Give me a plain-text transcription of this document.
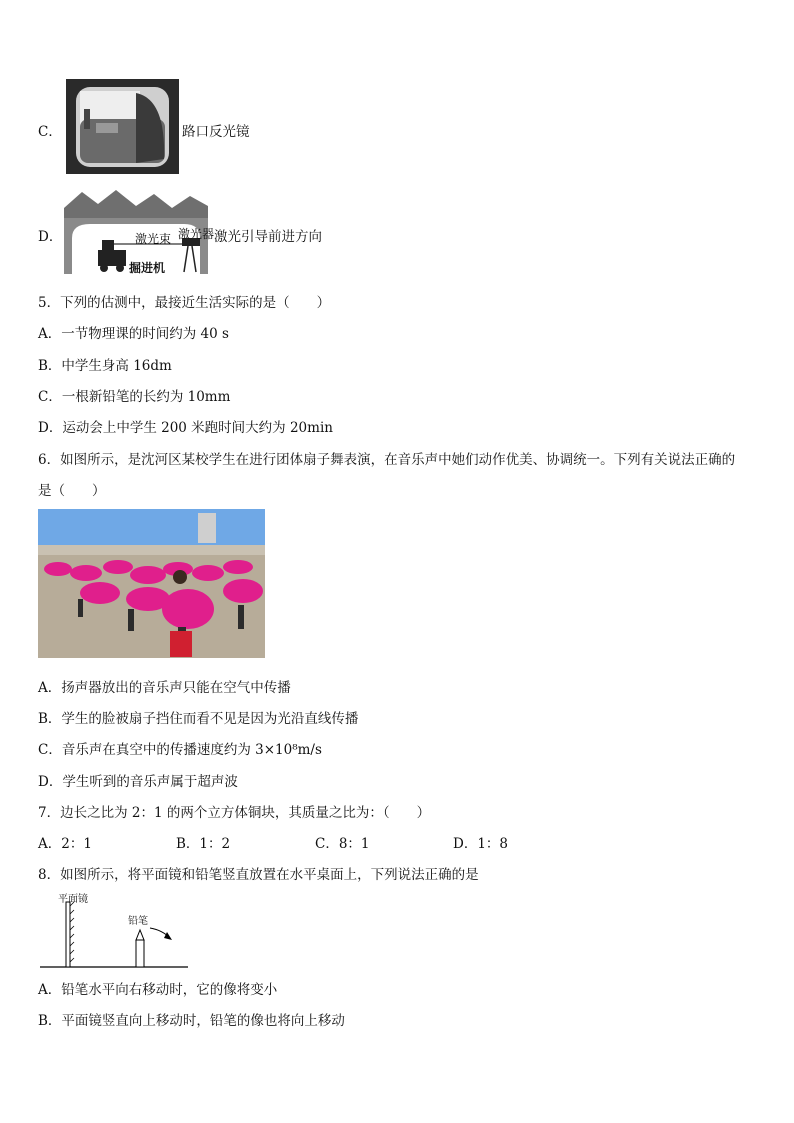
C．	路口反光镜
D．	激光束 激光器
掘进机
激光引导前进方向
5．下列的估测中，最接近生活实际的是（　　）
A．一节物理课的时间约为 40 s
B．中学生身高 16dm
C．一根新铅笔的长约为 10mm
D．运动会上中学生 200 米跑时间大约为 20min
6．如图所示，是沈河区某校学生在进行团体扇子舞表演，在音乐声中她们动作优美、协调统一。下列有关说法正确的
是（　　）
A．扬声器放出的音乐声只能在空气中传播
B．学生的脸被扇子挡住而看不见是因为光沿直线传播
C．音乐声在真空中的传播速度约为 3×10⁸m/s
D．学生听到的音乐声属于超声波
7．边长之比为 2：1 的两个立方体铜块，其质量之比为：（　　）
A．2：1	B．1：2	C．8：1	D．1：8
8．如图所示，将平面镜和铅笔竖直放置在水平桌面上，下列说法正确的是
平面镜
铅笔
A．铅笔水平向右移动时，它的像将变小
B．平面镜竖直向上移动时，铅笔的像也将向上移动
